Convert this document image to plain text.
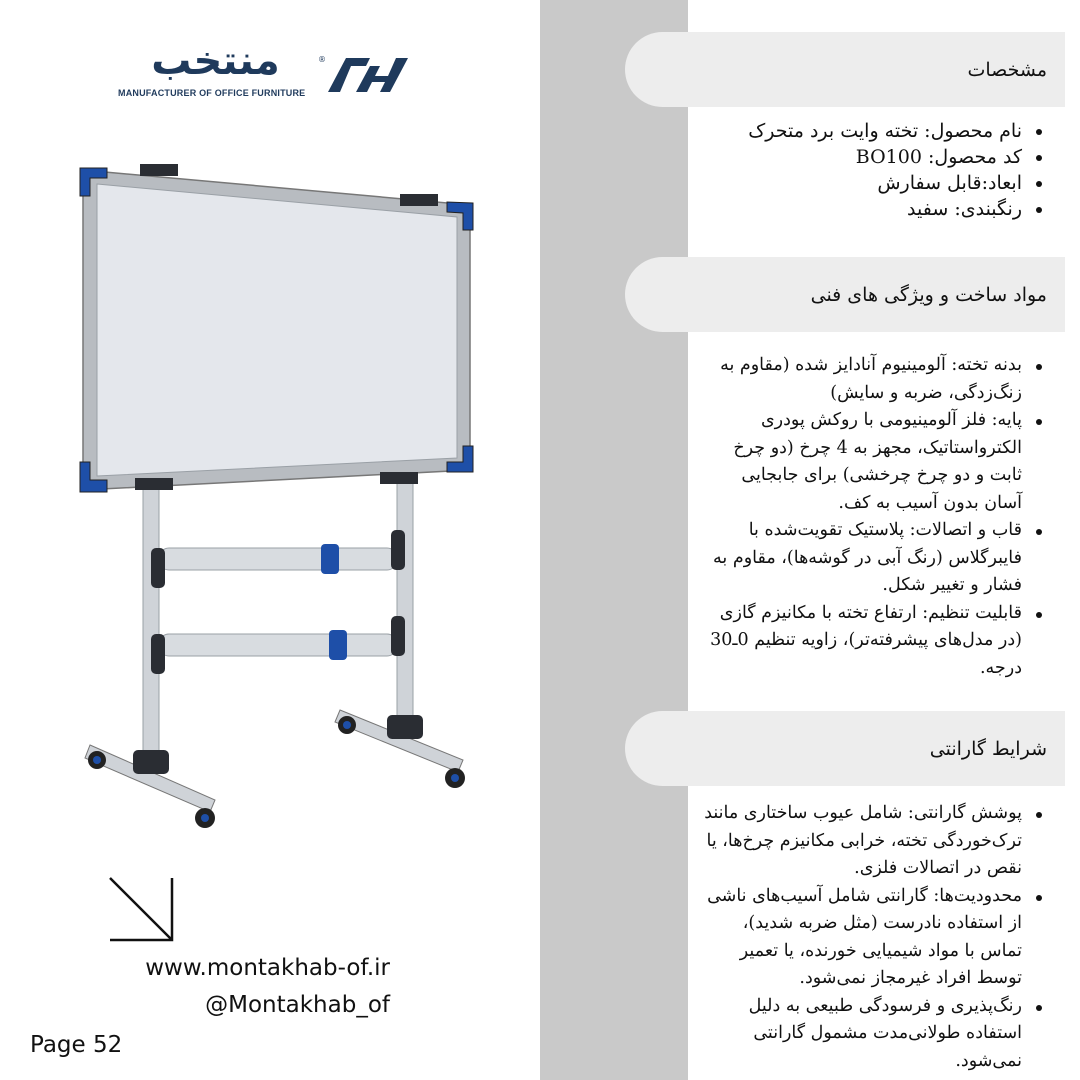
منتخب	®
MANUFACTURER OF OFFICE FURNITURE
www.montakhab-of.ir
@Montakhab_of
Page 52
مشخصات
نام محصول: تخته وایت برد متحرک
کد محصول: BO100
ابعاد:قابل سفارش
رنگبندی: سفید
مواد ساخت و ویژگی های فنی
بدنه تخته: آلومینیوم آنادایز شده (مقاوم به زنگ‌زدگی، ضربه و سایش)
پایه: فلز آلومینیومی با روکش پودری الکترواستاتیک، مجهز به 4 چرخ (دو چرخ ثابت و دو چرخ چرخشی) برای جابجایی آسان بدون آسیب به کف.
قاب و اتصالات: پلاستیک تقویت‌شده با فایبرگلاس (رنگ آبی در گوشه‌ها)، مقاوم به فشار و تغییر شکل.
قابلیت تنظیم: ارتفاع تخته با مکانیزم گازی (در مدل‌های پیشرفته‌تر)، زاویه تنظیم 0ـ30 درجه.
شرایط گارانتی
پوشش گارانتی: شامل عیوب ساختاری مانند ترک‌خوردگی تخته، خرابی مکانیزم چرخ‌ها، یا نقص در اتصالات فلزی.
محدودیت‌ها: گارانتی شامل آسیب‌های ناشی از استفاده نادرست (مثل ضربه شدید)، تماس با مواد شیمیایی خورنده، یا تعمیر توسط افراد غیرمجاز نمی‌شود.
رنگ‌پذیری و فرسودگی طبیعی به دلیل استفاده طولانی‌مدت مشمول گارانتی نمی‌شود.
